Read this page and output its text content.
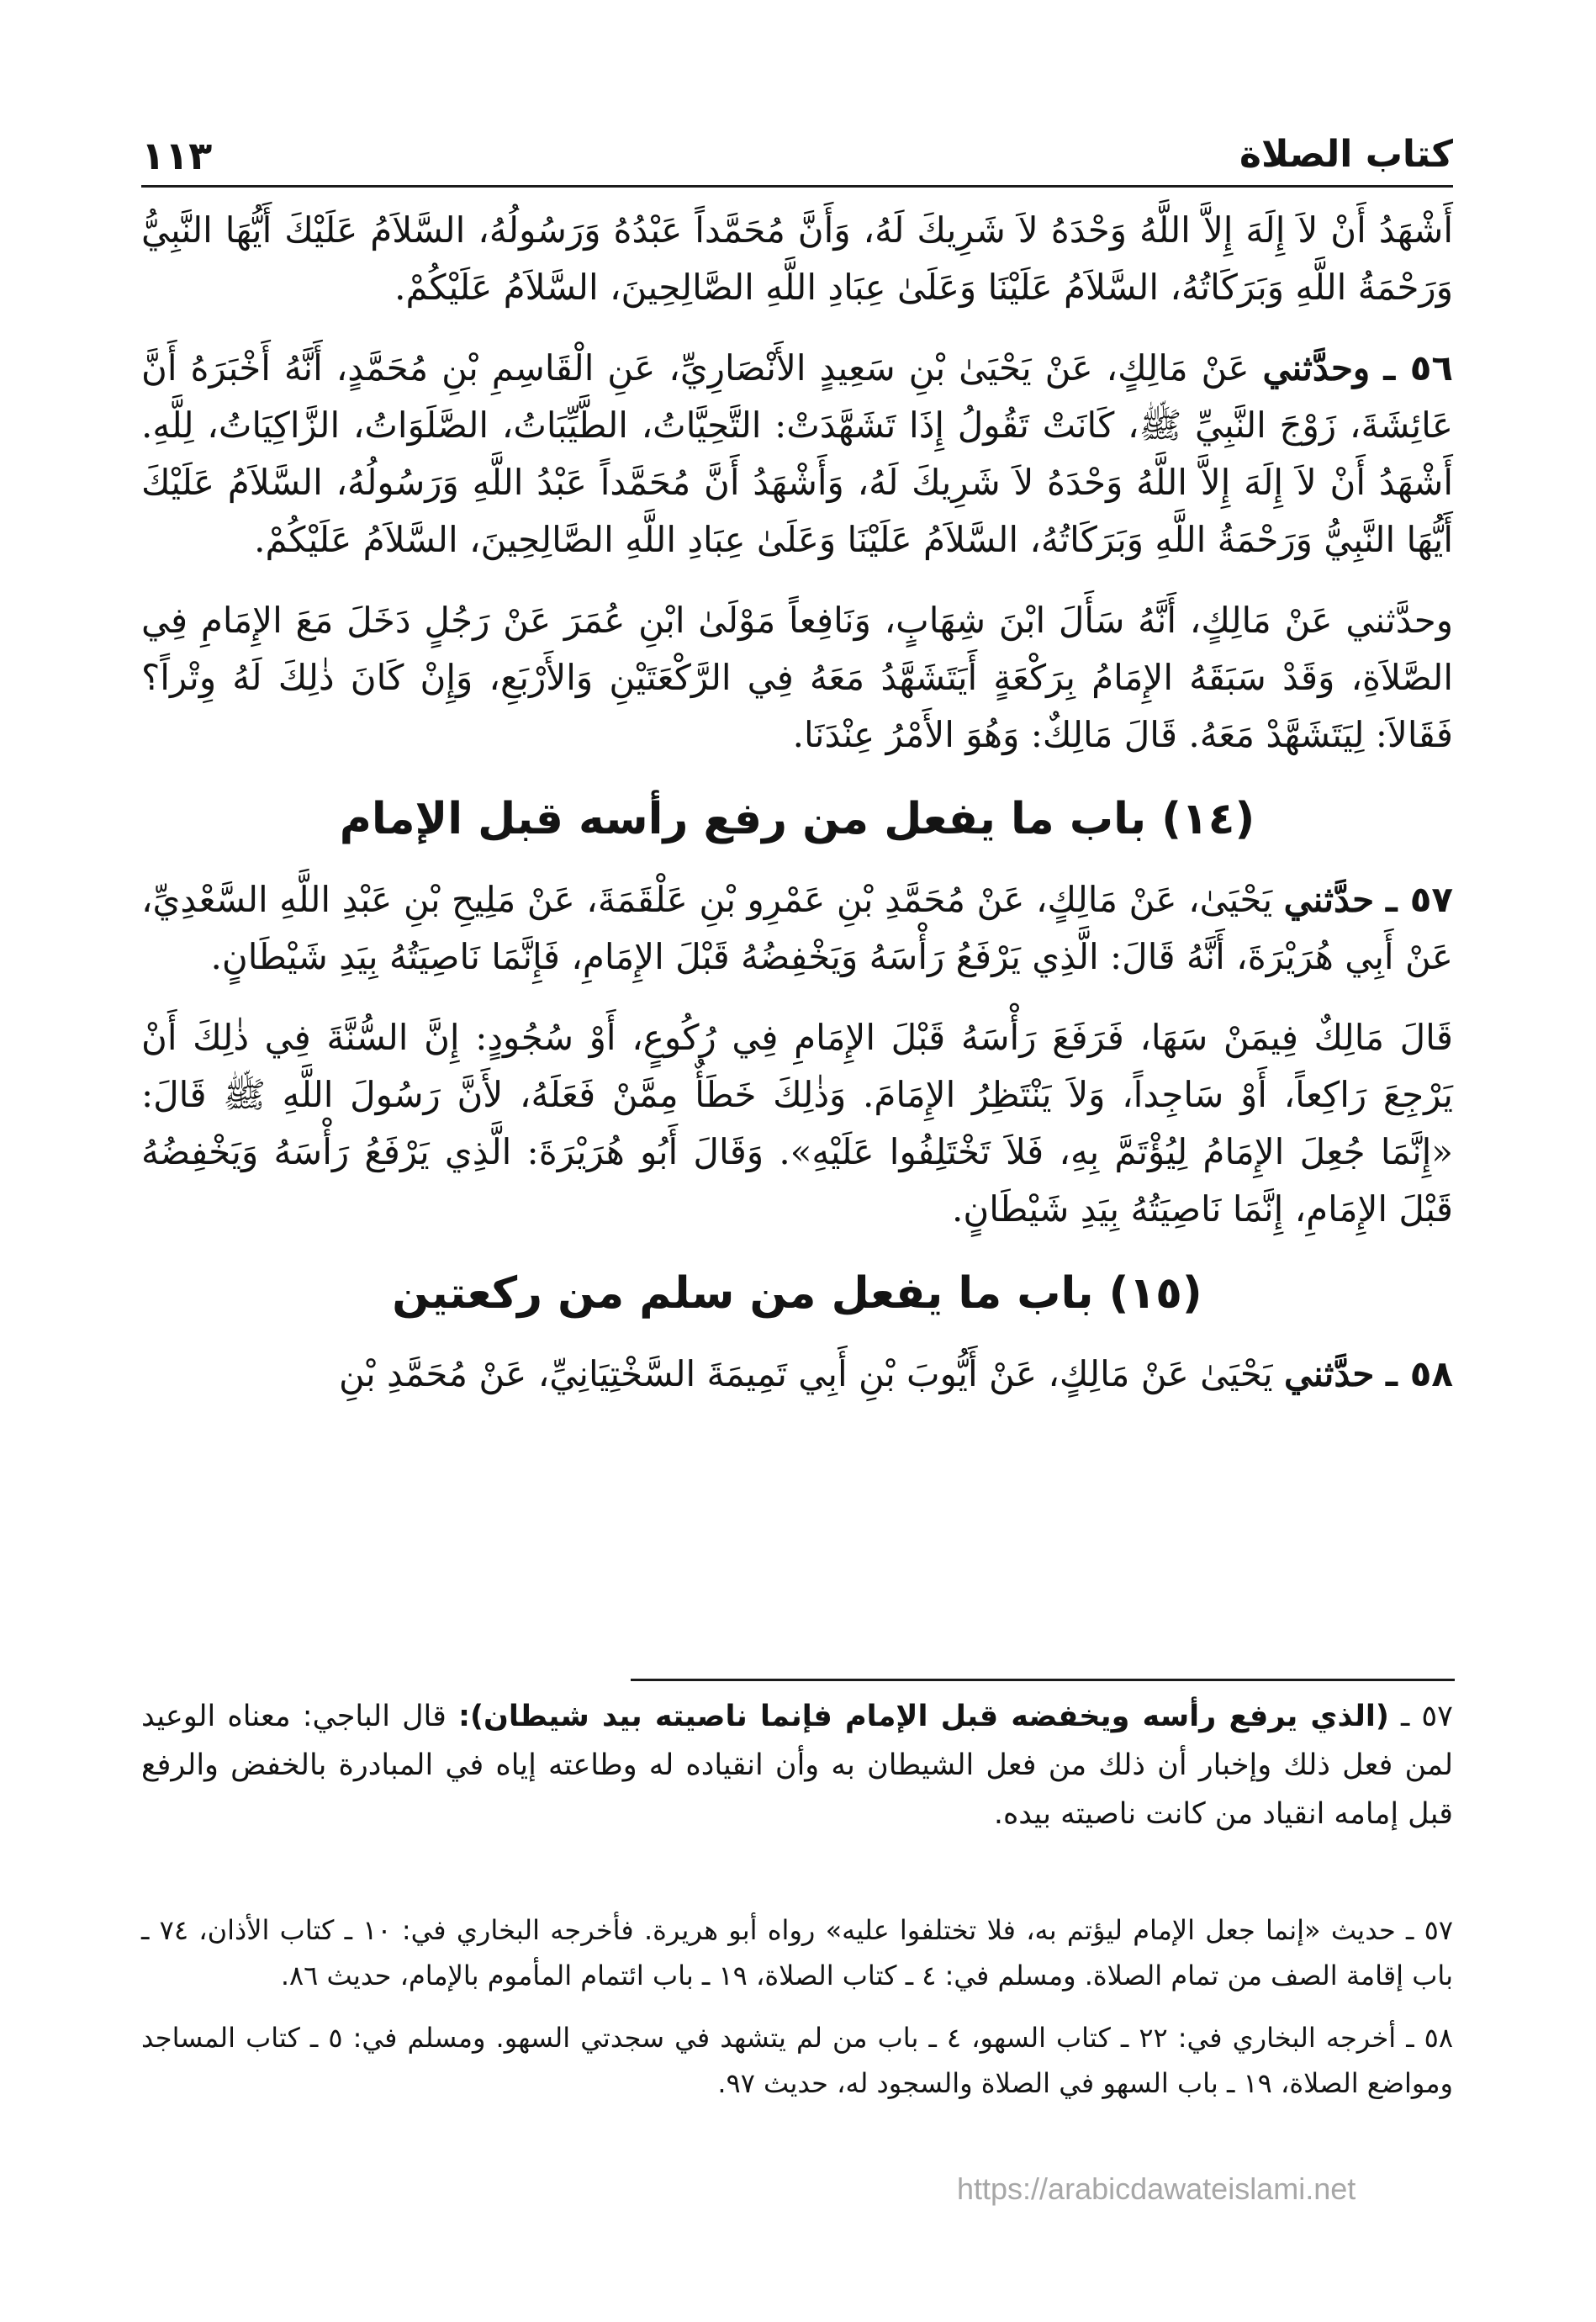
كتاب الصلاة
١١٣

أَشْهَدُ أَنْ لاَ إِلَهَ إِلاَّ اللَّهُ وَحْدَهُ لاَ شَرِيكَ لَهُ، وَأَنَّ مُحَمَّداً عَبْدُهُ وَرَسُولُهُ، السَّلاَمُ عَلَيْكَ أَيُّهَا النَّبِيُّ وَرَحْمَةُ اللَّهِ وَبَرَكَاتُهُ، السَّلاَمُ عَلَيْنَا وَعَلَىٰ عِبَادِ اللَّهِ الصَّالِحِينَ، السَّلاَمُ عَلَيْكُمْ.

٥٦ ـ وحدَّثني عَنْ مَالِكٍ، عَنْ يَحْيَىٰ بْنِ سَعِيدٍ الأَنْصَارِيِّ، عَنِ الْقَاسِمِ بْنِ مُحَمَّدٍ، أَنَّهُ أَخْبَرَهُ أَنَّ عَائِشَةَ، زَوْجَ النَّبِيِّ ﷺ، كَانَتْ تَقُولُ إِذَا تَشَهَّدَتْ: التَّحِيَّاتُ، الطَّيِّبَاتُ، الصَّلَوَاتُ، الزَّاكِيَاتُ، لِلَّهِ. أَشْهَدُ أَنْ لاَ إِلَهَ إِلاَّ اللَّهُ وَحْدَهُ لاَ شَرِيكَ لَهُ، وَأَشْهَدُ أَنَّ مُحَمَّداً عَبْدُ اللَّهِ وَرَسُولُهُ، السَّلاَمُ عَلَيْكَ أَيُّهَا النَّبِيُّ وَرَحْمَةُ اللَّهِ وَبَرَكَاتُهُ، السَّلاَمُ عَلَيْنَا وَعَلَىٰ عِبَادِ اللَّهِ الصَّالِحِينَ، السَّلاَمُ عَلَيْكُمْ.

وحدَّثني عَنْ مَالِكٍ، أَنَّهُ سَأَلَ ابْنَ شِهَابٍ، وَنَافِعاً مَوْلَىٰ ابْنِ عُمَرَ عَنْ رَجُلٍ دَخَلَ مَعَ الإِمَامِ فِي الصَّلاَةِ، وَقَدْ سَبَقَهُ الإِمَامُ بِرَكْعَةٍ أَيَتَشَهَّدُ مَعَهُ فِي الرَّكْعَتَيْنِ وَالأَرْبَعِ، وَإِنْ كَانَ ذٰلِكَ لَهُ وِتْراً؟ فَقَالاَ: لِيَتَشَهَّدْ مَعَهُ. قَالَ مَالِكٌ: وَهُوَ الأَمْرُ عِنْدَنَا.

(١٤) باب ما يفعل من رفع رأسه قبل الإمام

٥٧ ـ حدَّثني يَحْيَىٰ، عَنْ مَالِكٍ، عَنْ مُحَمَّدِ بْنِ عَمْرِو بْنِ عَلْقَمَةَ، عَنْ مَلِيحِ بْنِ عَبْدِ اللَّهِ السَّعْدِيِّ، عَنْ أَبِي هُرَيْرَةَ، أَنَّهُ قَالَ: الَّذِي يَرْفَعُ رَأْسَهُ وَيَخْفِضُهُ قَبْلَ الإِمَامِ، فَإِنَّمَا نَاصِيَتُهُ بِيَدِ شَيْطَانٍ.

قَالَ مَالِكٌ فِيمَنْ سَهَا، فَرَفَعَ رَأْسَهُ قَبْلَ الإِمَامِ فِي رُكُوعٍ، أَوْ سُجُودٍ: إِنَّ السُّنَّةَ فِي ذٰلِكَ أَنْ يَرْجِعَ رَاكِعاً، أَوْ سَاجِداً، وَلاَ يَنْتَظِرُ الإِمَامَ. وَذٰلِكَ خَطَأٌ مِمَّنْ فَعَلَهُ، لأَنَّ رَسُولَ اللَّهِ ﷺ قَالَ: «إِنَّمَا جُعِلَ الإِمَامُ لِيُؤْتَمَّ بِهِ، فَلاَ تَخْتَلِفُوا عَلَيْهِ». وَقَالَ أَبُو هُرَيْرَةَ: الَّذِي يَرْفَعُ رَأْسَهُ وَيَخْفِضُهُ قَبْلَ الإِمَامِ، إِنَّمَا نَاصِيَتُهُ بِيَدِ شَيْطَانٍ.

(١٥) باب ما يفعل من سلم من ركعتين

٥٨ ـ حدَّثني يَحْيَىٰ عَنْ مَالِكٍ، عَنْ أَيُّوبَ بْنِ أَبِي تَمِيمَةَ السَّخْتِيَانِيِّ، عَنْ مُحَمَّدِ بْنِ

٥٧ ـ (الذي يرفع رأسه ويخفضه قبل الإمام فإنما ناصيته بيد شيطان): قال الباجي: معناه الوعيد لمن فعل ذلك وإخبار أن ذلك من فعل الشيطان به وأن انقياده له وطاعته إياه في المبادرة بالخفض والرفع قبل إمامه انقياد من كانت ناصيته بيده.

٥٧ ـ حديث «إنما جعل الإمام ليؤتم به، فلا تختلفوا عليه» رواه أبو هريرة. فأخرجه البخاري في: ١٠ ـ كتاب الأذان، ٧٤ ـ باب إقامة الصف من تمام الصلاة. ومسلم في: ٤ ـ كتاب الصلاة، ١٩ ـ باب ائتمام المأموم بالإمام، حديث ٨٦.

٥٨ ـ أخرجه البخاري في: ٢٢ ـ كتاب السهو، ٤ ـ باب من لم يتشهد في سجدتي السهو. ومسلم في: ٥ ـ كتاب المساجد ومواضع الصلاة، ١٩ ـ باب السهو في الصلاة والسجود له، حديث ٩٧.

https://arabicdawateislami.net
